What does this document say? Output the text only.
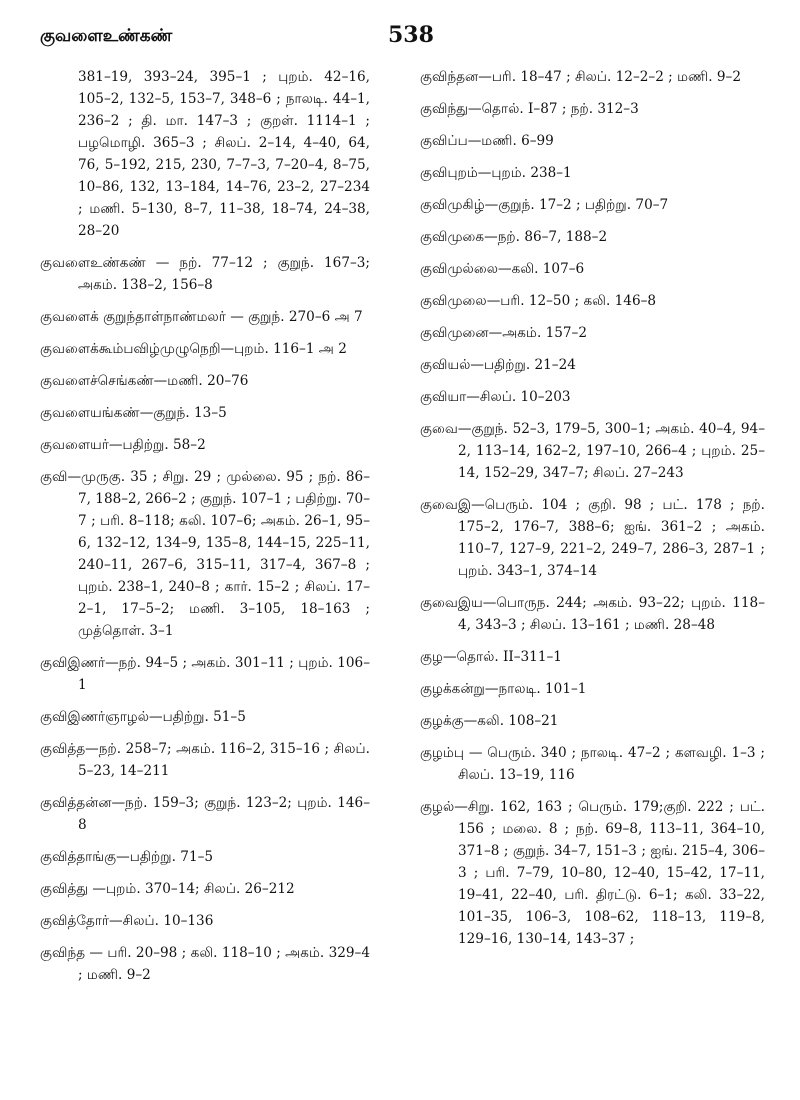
குவளைஉண்கண்	538

381–19, 393–24, 395–1 ; புறம். 42–16, 105–2, 132–5, 153–7, 348–6 ; நாலடி. 44–1, 236–2 ; தி. மா. 147–3 ; குறள். 1114–1 ; பழமொழி. 365–3 ; சிலப். 2–14, 4–40, 64, 76, 5–192, 215, 230, 7–7–3, 7–20–4, 8–75, 10–86, 132, 13–184, 14–76, 23–2, 27–234 ; மணி. 5–130, 8–7, 11–38, 18–74, 24–38, 28–20

குவளைஉண்கண் — நற். 77–12 ; குறுந். 167–3; அகம். 138–2, 156–8

குவளைக் குறுந்தாள்நாண்மலர் — குறுந். 270–6 அ 7

குவளைக்கூம்பவிழ்முழுநெறி—புறம். 116–1 அ 2

குவளைச்செங்கண்—மணி. 20–76

குவளையங்கண்—குறுந். 13–5

குவளையர்—பதிற்று. 58–2

குவி—முருகு. 35 ; சிறு. 29 ; முல்லை. 95 ; நற். 86–7, 188–2, 266–2 ; குறுந். 107–1 ; பதிற்று. 70–7 ; பரி. 8–118; கலி. 107–6; அகம். 26–1, 95–6, 132–12, 134–9, 135–8, 144–15, 225–11, 240–11, 267–6, 315–11, 317–4, 367–8 ; புறம். 238–1, 240–8 ; கார். 15–2 ; சிலப். 17–2–1, 17–5–2; மணி. 3–105, 18–163 ; முத்தொள். 3–1

குவிஇணர்—நற். 94–5 ; அகம். 301–11 ; புறம். 106–1

குவிஇணர்ஞாழல்—பதிற்று. 51–5

குவித்த—நற். 258–7; அகம். 116–2, 315–16 ; சிலப். 5–23, 14–211

குவித்தன்ன—நற். 159–3; குறுந். 123–2; புறம். 146–8

குவித்தாங்கு—பதிற்று. 71–5

குவித்து —புறம். 370–14; சிலப். 26–212

குவித்தோர்—சிலப். 10–136

குவிந்த — பரி. 20–98 ; கலி. 118–10 ; அகம். 329–4 ; மணி. 9–2

குவிந்தன—பரி. 18–47 ; சிலப். 12–2–2 ; மணி. 9–2

குவிந்து—தொல். I–87 ; நற். 312–3

குவிப்ப—மணி. 6–99

குவிபுறம்—புறம். 238–1

குவிமுகிழ்—குறுந். 17–2 ; பதிற்று. 70–7

குவிமுகை—நற். 86–7, 188–2

குவிமுல்லை—கலி. 107–6

குவிமுலை—பரி. 12–50 ; கலி. 146–8

குவிமுனை—அகம். 157–2

குவியல்—பதிற்று. 21–24

குவியா—சிலப். 10–203

குவை—குறுந். 52–3, 179–5, 300–1; அகம். 40–4, 94–2, 113–14, 162–2, 197–10, 266–4 ; புறம். 25–14, 152–29, 347–7; சிலப். 27–243

குவைஇ—பெரும். 104 ; குறி. 98 ; பட். 178 ; நற். 175–2, 176–7, 388–6; ஐங். 361–2 ; அகம். 110–7, 127–9, 221–2, 249–7, 286–3, 287–1 ; புறம். 343–1, 374–14

குவைஇய—பொருந. 244; அகம். 93–22; புறம். 118–4, 343–3 ; சிலப். 13–161 ; மணி. 28–48

குழ—தொல். II–311–1

குழக்கன்று—நாலடி. 101–1

குழக்கு—கலி. 108–21

குழம்பு — பெரும். 340 ; நாலடி. 47–2 ; களவழி. 1–3 ; சிலப். 13–19, 116

குழல்—சிறு. 162, 163 ; பெரும். 179;குறி. 222 ; பட். 156 ; மலை. 8 ; நற். 69–8, 113–11, 364–10, 371–8 ; குறுந். 34–7, 151–3 ; ஐங். 215–4, 306–3 ; பரி. 7–79, 10–80, 12–40, 15–42, 17–11, 19–41, 22–40, பரி. திரட்டு. 6–1; கலி. 33–22, 101–35, 106–3, 108–62, 118–13, 119–8, 129–16, 130–14, 143–37 ;
